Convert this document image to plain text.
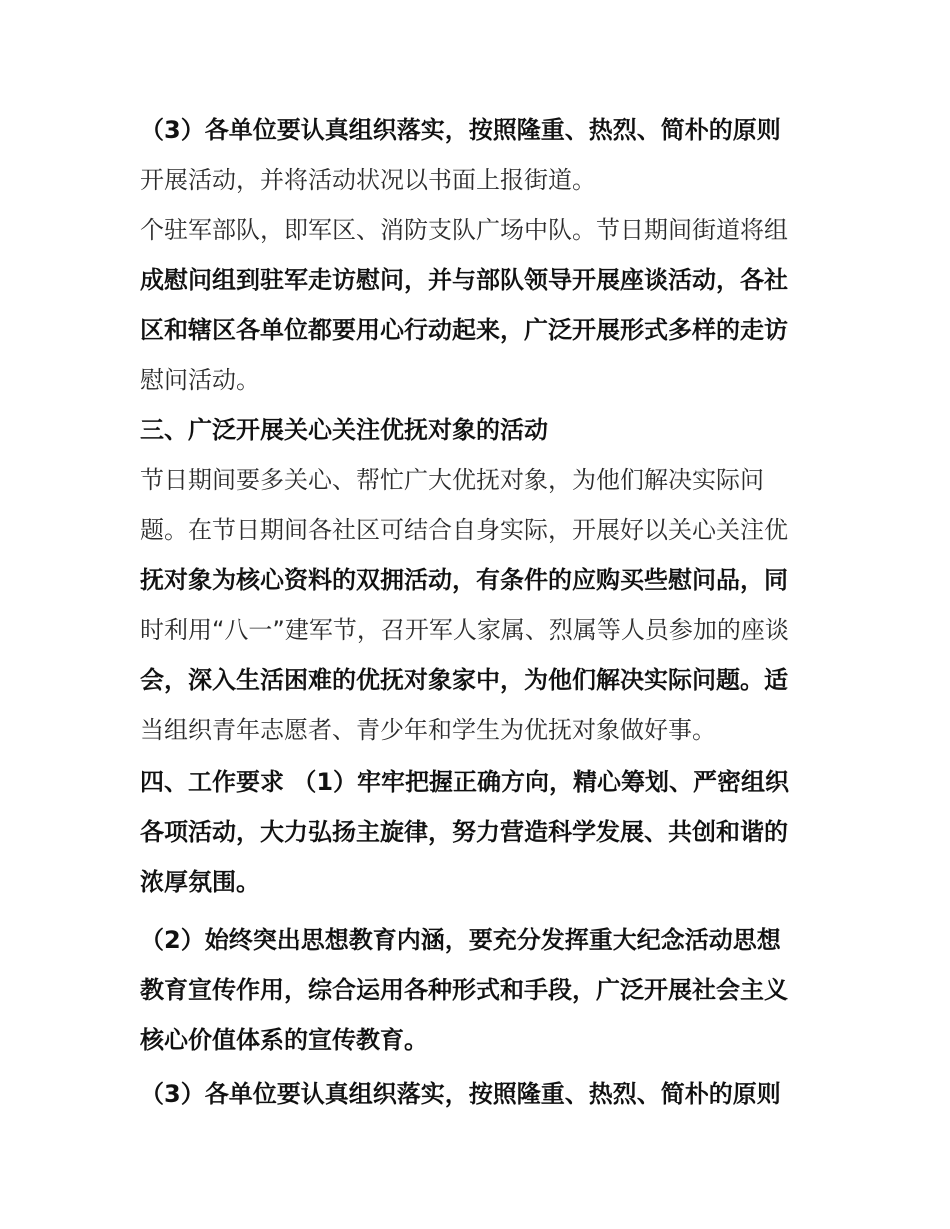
（3）各单位要认真组织落实，按照隆重、热烈、简朴的原则
开展活动，并将活动状况以书面上报街道。
个驻军部队，即军区、消防支队广场中队。节日期间街道将组
成慰问组到驻军走访慰问，并与部队领导开展座谈活动，各社
区和辖区各单位都要用心行动起来，广泛开展形式多样的走访
慰问活动。
三、广泛开展关心关注优抚对象的活动
节日期间要多关心、帮忙广大优抚对象，为他们解决实际问
题。在节日期间各社区可结合自身实际，开展好以关心关注优
抚对象为核心资料的双拥活动，有条件的应购买些慰问品，同
时利用“八一”建军节，召开军人家属、烈属等人员参加的座谈
会，深入生活困难的优抚对象家中，为他们解决实际问题。适
当组织青年志愿者、青少年和学生为优抚对象做好事。
四、工作要求 （1）牢牢把握正确方向，精心筹划、严密组织
各项活动，大力弘扬主旋律，努力营造科学发展、共创和谐的
浓厚氛围。
（2）始终突出思想教育内涵，要充分发挥重大纪念活动思想
教育宣传作用，综合运用各种形式和手段，广泛开展社会主义
核心价值体系的宣传教育。
（3）各单位要认真组织落实，按照隆重、热烈、简朴的原则
